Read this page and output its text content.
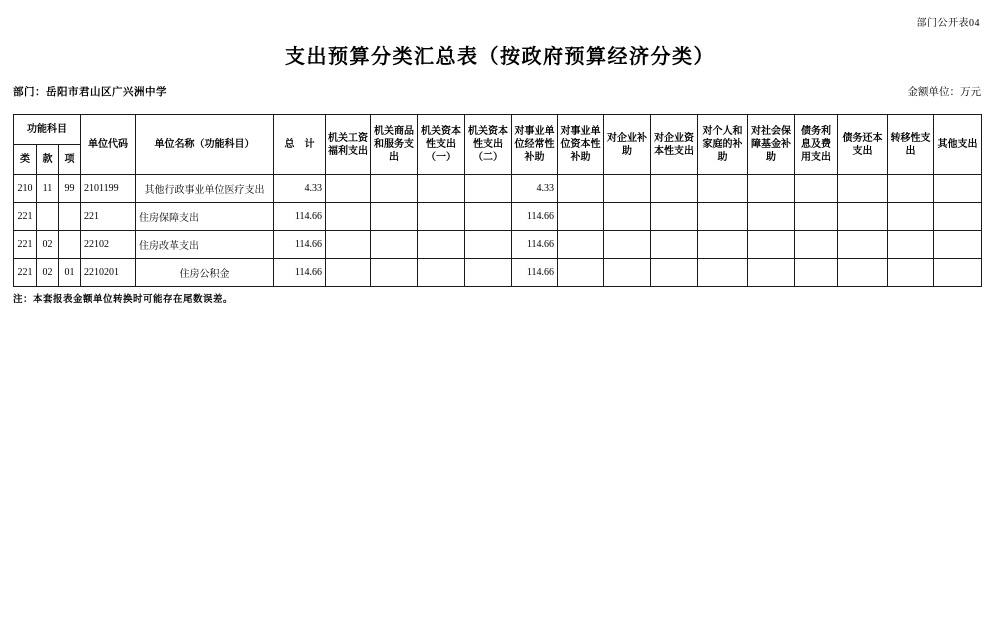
部门公开表04
支出预算分类汇总表（按政府预算经济分类）
部门：岳阳市君山区广兴洲中学	金额单位：万元
功能科目			单位代码	单位名称（功能科目）	总　计	机关工资福利支出	机关商品和服务支出	机关资本性支出（一）	机关资本性支出（二）	对事业单位经常性补助	对事业单位资本性补助	对企业补助	对企业资本性支出	对个人和家庭的补助	对社会保障基金补助	债务利息及费用支出	债务还本支出	转移性支出	其他支出
类	款	项																	
210	11	99	2101199	其他行政事业单位医疗支出	4.33					4.33									
221			221	住房保障支出	114.66					114.66									
221	02		22102	住房改革支出	114.66					114.66									
221	02	01	2210201	住房公积金	114.66					114.66									
注：本套报表金额单位转换时可能存在尾数误差。
